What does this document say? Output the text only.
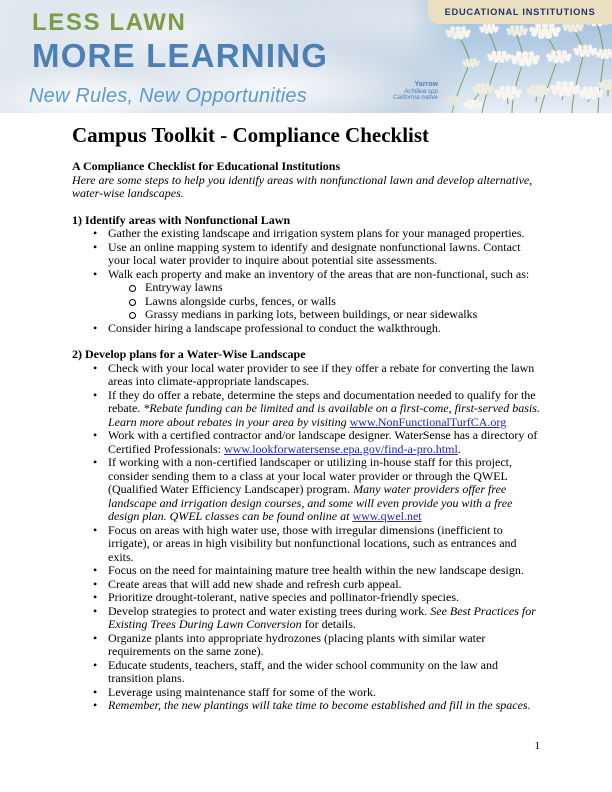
EDUCATIONAL INSTITUTIONS
LESS LAWN
MORE LEARNING
New Rules, New Opportunities
Yarrow
Achillea spp
California native
Campus Toolkit - Compliance Checklist

A Compliance Checklist for Educational Institutions

Here are some steps to help you identify areas with nonfunctional lawn and develop alternative, water-wise landscapes.

1) Identify areas with Nonfunctional Lawn
• Gather the existing landscape and irrigation system plans for your managed properties.
• Use an online mapping system to identify and designate nonfunctional lawns. Contact your local water provider to inquire about potential site assessments.
• Walk each property and make an inventory of the areas that are non-functional, such as:
Entryway lawns
Lawns alongside curbs, fences, or walls
Grassy medians in parking lots, between buildings, or near sidewalks
• Consider hiring a landscape professional to conduct the walkthrough.
2) Develop plans for a Water-Wise Landscape
• Check with your local water provider to see if they offer a rebate for converting the lawn areas into climate-appropriate landscapes.
• If they do offer a rebate, determine the steps and documentation needed to qualify for the rebate. *Rebate funding can be limited and is available on a first-come, first-served basis. Learn more about rebates in your area by visiting www.NonFunctionalTurfCA.org
• Work with a certified contractor and/or landscape designer. WaterSense has a directory of Certified Professionals: www.lookforwatersense.epa.gov/find-a-pro.html.
• If working with a non-certified landscaper or utilizing in-house staff for this project, consider sending them to a class at your local water provider or through the QWEL (Qualified Water Efficiency Landscaper) program. Many water providers offer free landscape and irrigation design courses, and some will even provide you with a free design plan. QWEL classes can be found online at www.qwel.net
• Focus on areas with high water use, those with irregular dimensions (inefficient to irrigate), or areas in high visibility but nonfunctional locations, such as entrances and exits.
• Focus on the need for maintaining mature tree health within the new landscape design.
• Create areas that will add new shade and refresh curb appeal.
• Prioritize drought-tolerant, native species and pollinator-friendly species.
• Develop strategies to protect and water existing trees during work. See Best Practices for Existing Trees During Lawn Conversion for details.
• Organize plants into appropriate hydrozones (placing plants with similar water requirements on the same zone).
• Educate students, teachers, staff, and the wider school community on the law and transition plans.
• Leverage using maintenance staff for some of the work.
• Remember, the new plantings will take time to become established and fill in the spaces.
1
